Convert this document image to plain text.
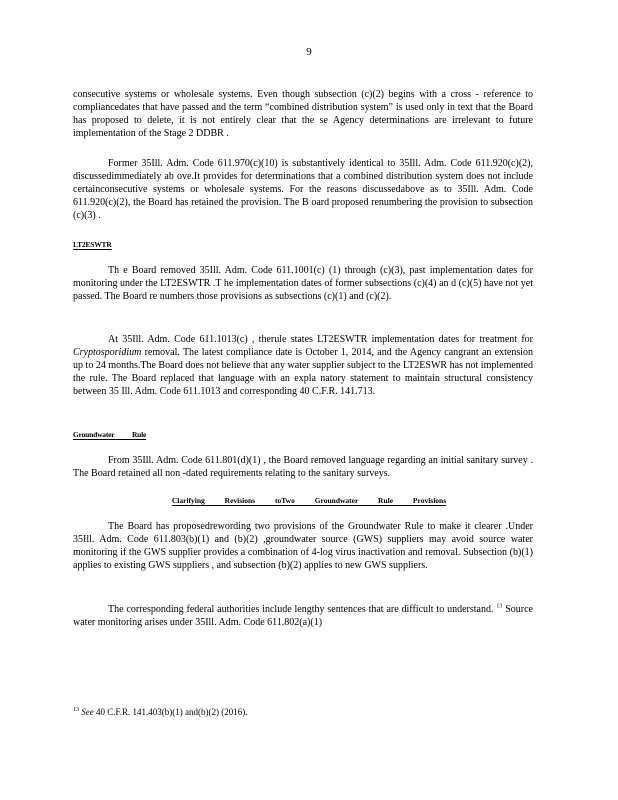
9

consecutive systems or wholesale systems. Even though subsection (c)(2) begins with a cross - reference to compliancedates that have passed and the term “combined distribution system” is used only in text that the Board has proposed to delete, it is not entirely clear that the se Agency determinations are irrelevant to future implementation of the Stage 2 DDBR .

Former 35Ill. Adm. Code 611.970(c)(10) is substantively identical to 35Ill. Adm. Code 611.920(c)(2), discussedimmediately ab ove.It provides for determinations that a combined distribution system does not include certainconsecutive systems or wholesale systems. For the reasons discussedabove as to 35Ill. Adm. Code 611.920(c)(2), the Board has retained the provision. The B oard proposed renumbering the provision to subsection (c)(3) .

LT2ESWTR

Th e Board removed 35Ill. Adm. Code 611.1001(c) (1) through (c)(3), past implementation dates for monitoring under the LT2ESWTR .T he implementation dates of former subsections (c)(4) an d (c)(5) have not yet passed. The Board re numbers those provisions as subsections (c)(1) and (c)(2).

At 35Ill. Adm. Code 611.1013(c) , therule states LT2ESWTR implementation dates for treatment for Cryptosporidium removal. The latest compliance date is October 1, 2014, and the Agency cangrant an extension up to 24 months.The Board does not believe that any water supplier subject to the LT2ESWR has not implemented the rule. The Board replaced that language with an expla natory statement to maintain structural consistency between 35 Ill. Adm. Code 611.1013 and corresponding 40 C.F.R. 141.713.

Groundwater Rule

From 35Ill. Adm. Code 611.801(d)(1) , the Board removed language regarding an initial sanitary survey . The Board retained all non -dated requirements relating to the sanitary surveys.

Clarifying Revisions toTwo Groundwater Rule Provisions

The Board has proposedrewording two provisions of the Groundwater Rule to make it clearer .Under 35Ill. Adm. Code 611.803(b)(1) and (b)(2) ,groundwater source (GWS) suppliers may avoid source water monitoring if the GWS supplier provides a combination of 4-log virus inactivation and removal. Subsection (b)(1) applies to existing GWS suppliers , and subsection (b)(2) applies to new GWS suppliers.

The corresponding federal authorities include lengthy sentences that are difficult to understand. $^{13}$ Source water monitoring arises under 35Ill. Adm. Code 611.802(a)(1)

$^{13}$ See 40 C.F.R. 141.403(b)(1) and(b)(2) (2016).
